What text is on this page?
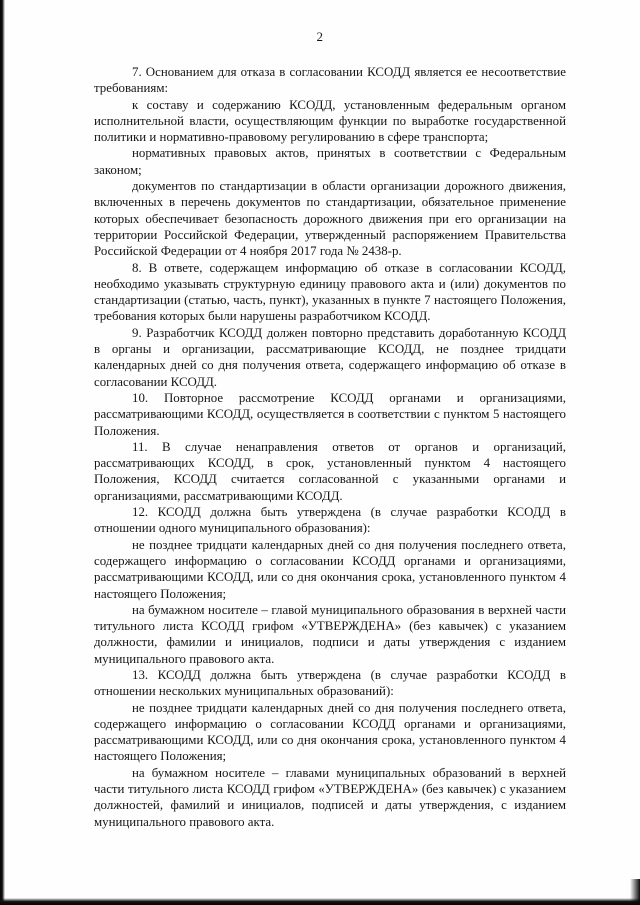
2

7. Основанием для отказа в согласовании КСОДД является ее несоответствие требованиям:

к составу и содержанию КСОДД, установленным федеральным органом исполнительной власти, осуществляющим функции по выработке государственной политики и нормативно-правовому регулированию в сфере транспорта;

нормативных правовых актов, принятых в соответствии с Федеральным законом;

документов по стандартизации в области организации дорожного движения, включенных в перечень документов по стандартизации, обязательное применение которых обеспечивает безопасность дорожного движения при его организации на территории Российской Федерации, утвержденный распоряжением Правительства Российской Федерации от 4 ноября 2017 года № 2438-р.

8. В ответе, содержащем информацию об отказе в согласовании КСОДД, необходимо указывать структурную единицу правового акта и (или) документов по стандартизации (статью, часть, пункт), указанных в пункте 7 настоящего Положения, требования которых были нарушены разработчиком КСОДД.

9. Разработчик КСОДД должен повторно представить доработанную КСОДД в органы и организации, рассматривающие КСОДД, не позднее тридцати календарных дней со дня получения ответа, содержащего информацию об отказе в согласовании КСОДД.

10. Повторное рассмотрение КСОДД органами и организациями, рассматривающими КСОДД, осуществляется в соответствии с пунктом 5 настоящего Положения.

11. В случае ненаправления ответов от органов и организаций, рассматривающих КСОДД, в срок, установленный пунктом 4 настоящего Положения, КСОДД считается согласованной с указанными органами и организациями, рассматривающими КСОДД.

12. КСОДД должна быть утверждена (в случае разработки КСОДД в отношении одного муниципального образования):

не позднее тридцати календарных дней со дня получения последнего ответа, содержащего информацию о согласовании КСОДД органами и организациями, рассматривающими КСОДД, или со дня окончания срока, установленного пунктом 4 настоящего Положения;

на бумажном носителе – главой муниципального образования в верхней части титульного листа КСОДД грифом «УТВЕРЖДЕНА» (без кавычек) с указанием должности, фамилии и инициалов, подписи и даты утверждения с изданием муниципального правового акта.

13. КСОДД должна быть утверждена (в случае разработки КСОДД в отношении нескольких муниципальных образований):

не позднее тридцати календарных дней со дня получения последнего ответа, содержащего информацию о согласовании КСОДД органами и организациями, рассматривающими КСОДД, или со дня окончания срока, установленного пунктом 4 настоящего Положения;

на бумажном носителе – главами муниципальных образований в верхней части титульного листа КСОДД грифом «УТВЕРЖДЕНА» (без кавычек) с указанием должностей, фамилий и инициалов, подписей и даты утверждения, с изданием муниципального правового акта.
